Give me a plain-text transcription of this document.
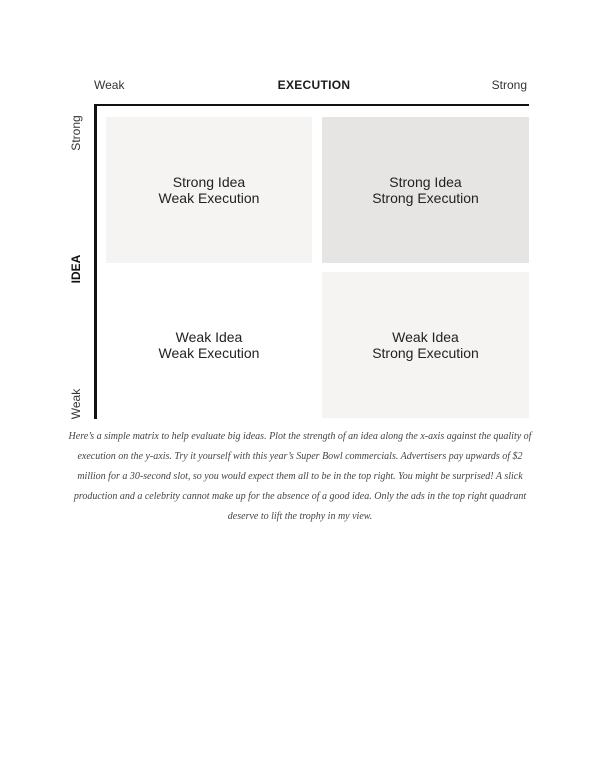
Weak	EXECUTION	Strong
Strong
IDEA
Weak
Strong Idea
Weak Execution
Strong Idea
Strong Execution
Weak Idea
Weak Execution
Weak Idea
Strong Execution
Here’s a simple matrix to help evaluate big ideas. Plot the strength of an idea along the x-axis against the quality of execution on the y-axis. Try it yourself with this year’s Super Bowl commercials. Advertisers pay upwards of $2 million for a 30-second slot, so you would expect them all to be in the top right. You might be surprised! A slick production and a celebrity cannot make up for the absence of a good idea. Only the ads in the top right quadrant deserve to lift the trophy in my view.
